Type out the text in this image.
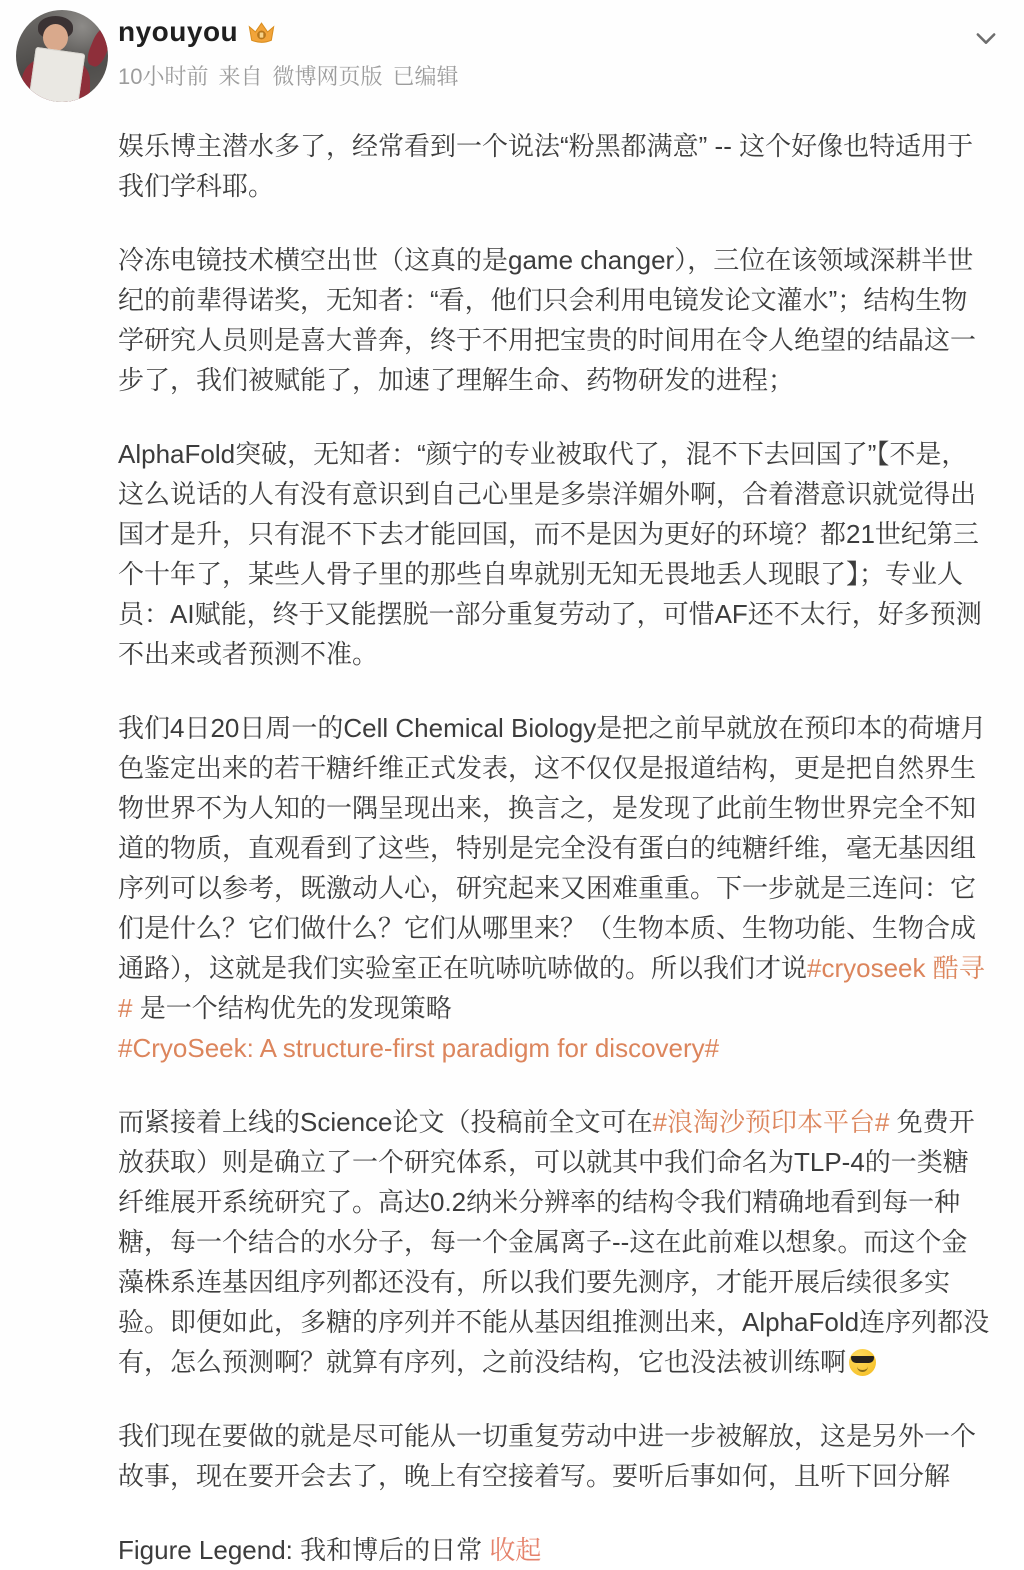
nyouyou
10小时前 来自 微博网页版 已编辑
娱乐博主潜水多了，经常看到一个说法“粉黑都满意” -- 这个好像也特适用于我们学科耶。
冷冻电镜技术横空出世（这真的是game changer），三位在该领域深耕半世纪的前辈得诺奖，无知者：“看，他们只会利用电镜发论文灌水”；结构生物学研究人员则是喜大普奔，终于不用把宝贵的时间用在令人绝望的结晶这一步了，我们被赋能了，加速了理解生命、药物研发的进程；
AlphaFold突破，无知者：“颜宁的专业被取代了，混不下去回国了”【不是，这么说话的人有没有意识到自己心里是多崇洋媚外啊，合着潜意识就觉得出国才是升，只有混不下去才能回国，而不是因为更好的环境？都21世纪第三个十年了，某些人骨子里的那些自卑就别无知无畏地丢人现眼了】；专业人员：AI赋能，终于又能摆脱一部分重复劳动了，可惜AF还不太行，好多预测不出来或者预测不准。
我们4日20日周一的Cell Chemical Biology是把之前早就放在预印本的荷塘月色鉴定出来的若干糖纤维正式发表，这不仅仅是报道结构，更是把自然界生物世界不为人知的一隅呈现出来，换言之，是发现了此前生物世界完全不知道的物质，直观看到了这些，特别是完全没有蛋白的纯糖纤维，毫无基因组序列可以参考，既激动人心，研究起来又困难重重。下一步就是三连问：它们是什么？它们做什么？它们从哪里来？（生物本质、生物功能、生物合成通路），这就是我们实验室正在吭哧吭哧做的。所以我们才说#cryoseek 酷寻# 是一个结构优先的发现策略
#CryoSeek: A structure-first paradigm for discovery#
而紧接着上线的Science论文（投稿前全文可在#浪淘沙预印本平台# 免费开放获取）则是确立了一个研究体系，可以就其中我们命名为TLP-4的一类糖纤维展开系统研究了。高达0.2纳米分辨率的结构令我们精确地看到每一种糖，每一个结合的水分子，每一个金属离子--这在此前难以想象。而这个金藻株系连基因组序列都还没有，所以我们要先测序，才能开展后续很多实验。即便如此，多糖的序列并不能从基因组推测出来，AlphaFold连序列都没有，怎么预测啊？就算有序列，之前没结构，它也没法被训练啊
我们现在要做的就是尽可能从一切重复劳动中进一步被解放，这是另外一个故事，现在要开会去了，晚上有空接着写。要听后事如何，且听下回分解
Figure Legend: 我和博后的日常 收起
